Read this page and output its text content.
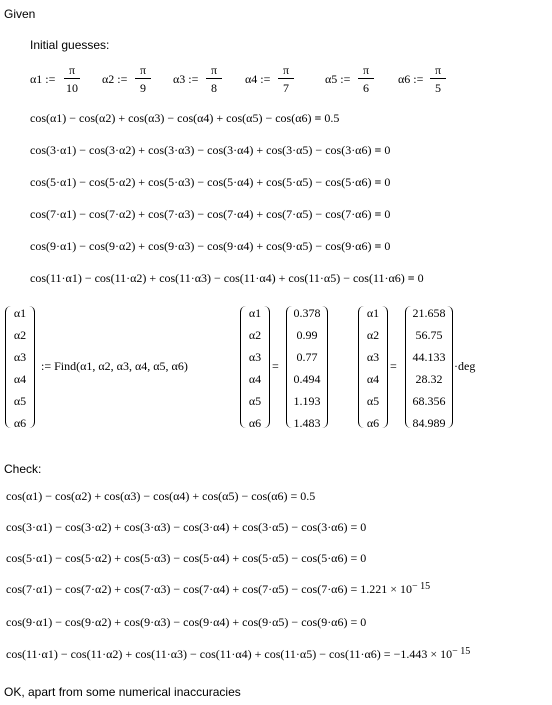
Given
Initial guesses:
α1 :=
π
10
α2 :=
π
9
α3 :=
π
8
α4 :=
π
7
α5 :=
π
6
α6 :=
π
5
cos(α1) − cos(α2) + cos(α3) − cos(α4) + cos(α5) − cos(α6) = 0.5
cos(3·α1) − cos(3·α2) + cos(3·α3) − cos(3·α4) + cos(3·α5) − cos(3·α6) = 0
cos(5·α1) − cos(5·α2) + cos(5·α3) − cos(5·α4) + cos(5·α5) − cos(5·α6) = 0
cos(7·α1) − cos(7·α2) + cos(7·α3) − cos(7·α4) + cos(7·α5) − cos(7·α6) = 0
cos(9·α1) − cos(9·α2) + cos(9·α3) − cos(9·α4) + cos(9·α5) − cos(9·α6) = 0
cos(11·α1) − cos(11·α2) + cos(11·α3) − cos(11·α4) + cos(11·α5) − cos(11·α6) = 0
α1
α2
α3
α4
α5
α6
:= Find(α1, α2, α3, α4, α5, α6)
α1
α2
α3
α4
α5
α6
=
0.378
0.99
0.77
0.494
1.193
1.483
α1
α2
α3
α4
α5
α6
=
21.658
56.75
44.133
28.32
68.356
84.989
·deg
Check:
cos(α1) − cos(α2) + cos(α3) − cos(α4) + cos(α5) − cos(α6) = 0.5
cos(3·α1) − cos(3·α2) + cos(3·α3) − cos(3·α4) + cos(3·α5) − cos(3·α6) = 0
cos(5·α1) − cos(5·α2) + cos(5·α3) − cos(5·α4) + cos(5·α5) − cos(5·α6) = 0
$\cos(7\cdot\alpha 1) - \cos(7\cdot\alpha 2) + \cos(7\cdot\alpha 3) - \cos(7\cdot\alpha 4) + \cos(7\cdot\alpha 5) - \cos(7\cdot\alpha 6) = 1.221 \times 10^{- 15}$
cos(9·α1) − cos(9·α2) + cos(9·α3) − cos(9·α4) + cos(9·α5) − cos(9·α6) = 0
$\cos(11\cdot\alpha 1) - \cos(11\cdot\alpha 2) + \cos(11\cdot\alpha 3) - \cos(11\cdot\alpha 4) + \cos(11\cdot\alpha 5) - \cos(11\cdot\alpha 6) = -1.443 \times 10^{- 15}$
OK, apart from some numerical inaccuracies
